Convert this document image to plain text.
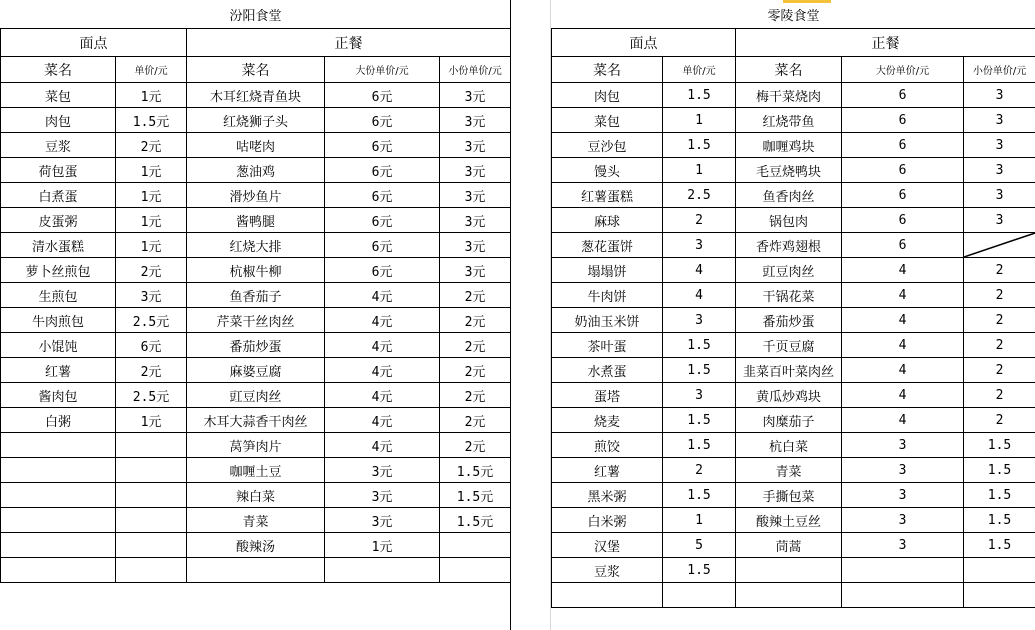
汾阳食堂				
面点		正餐		
菜名	单价/元	菜名	大份单价/元	小份单价/元
菜包	1元	木耳红烧青鱼块	6元	3元
肉包	1.5元	红烧狮子头	6元	3元
豆浆	2元	咕咾肉	6元	3元
荷包蛋	1元	葱油鸡	6元	3元
白煮蛋	1元	滑炒鱼片	6元	3元
皮蛋粥	1元	酱鸭腿	6元	3元
清水蛋糕	1元	红烧大排	6元	3元
萝卜丝煎包	2元	杭椒牛柳	6元	3元
生煎包	3元	鱼香茄子	4元	2元
牛肉煎包	2.5元	芹菜干丝肉丝	4元	2元
小馄饨	6元	番茄炒蛋	4元	2元
红薯	2元	麻婆豆腐	4元	2元
酱肉包	2.5元	豇豆肉丝	4元	2元
白粥	1元	木耳大蒜香干肉丝	4元	2元
		莴笋肉片	4元	2元
		咖喱土豆	3元	1.5元
		辣白菜	3元	1.5元
		青菜	3元	1.5元
		酸辣汤	1元	

零陵食堂				
面点		正餐		
菜名	单价/元	菜名	大份单价/元	小份单价/元
肉包	1.5	梅干菜烧肉	6	3
菜包	1	红烧带鱼	6	3
豆沙包	1.5	咖喱鸡块	6	3
馒头	1	毛豆烧鸭块	6	3
红薯蛋糕	2.5	鱼香肉丝	6	3
麻球	2	锅包肉	6	3
葱花蛋饼	3	香炸鸡翅根	6	

塌塌饼	4	豇豆肉丝	4	2
牛肉饼	4	干锅花菜	4	2
奶油玉米饼	3	番茄炒蛋	4	2
茶叶蛋	1.5	千页豆腐	4	2
水煮蛋	1.5	韭菜百叶菜肉丝	4	2
蛋塔	3	黄瓜炒鸡块	4	2
烧麦	1.5	肉糜茄子	4	2
煎饺	1.5	杭白菜	3	1.5
红薯	2	青菜	3	1.5
黑米粥	1.5	手撕包菜	3	1.5
白米粥	1	酸辣土豆丝	3	1.5
汉堡	5	茼蒿	3	1.5
豆浆	1.5			
